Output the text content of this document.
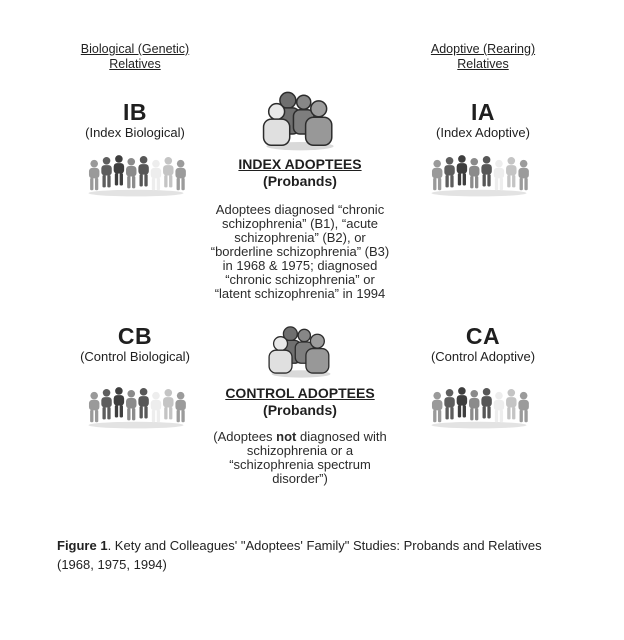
Biological (Genetic)
Relatives
Adoptive (Rearing)
Relatives
IB
(Index Biological)
IA
(Index Adoptive)
INDEX ADOPTEES
(Probands)
Adoptees diagnosed “chronic
schizophrenia” (B1), “acute
schizophrenia” (B2), or
“borderline schizophrenia” (B3)
in 1968 & 1975; diagnosed
“chronic schizophrenia” or
“latent schizophrenia” in 1994
CB
(Control Biological)
CA
(Control Adoptive)
CONTROL ADOPTEES
(Probands)
(Adoptees not diagnosed with
schizophrenia or a
“schizophrenia spectrum
disorder”)
Figure 1. Kety and Colleagues' "Adoptees' Family" Studies: Probands and Relatives
(1968, 1975, 1994)
